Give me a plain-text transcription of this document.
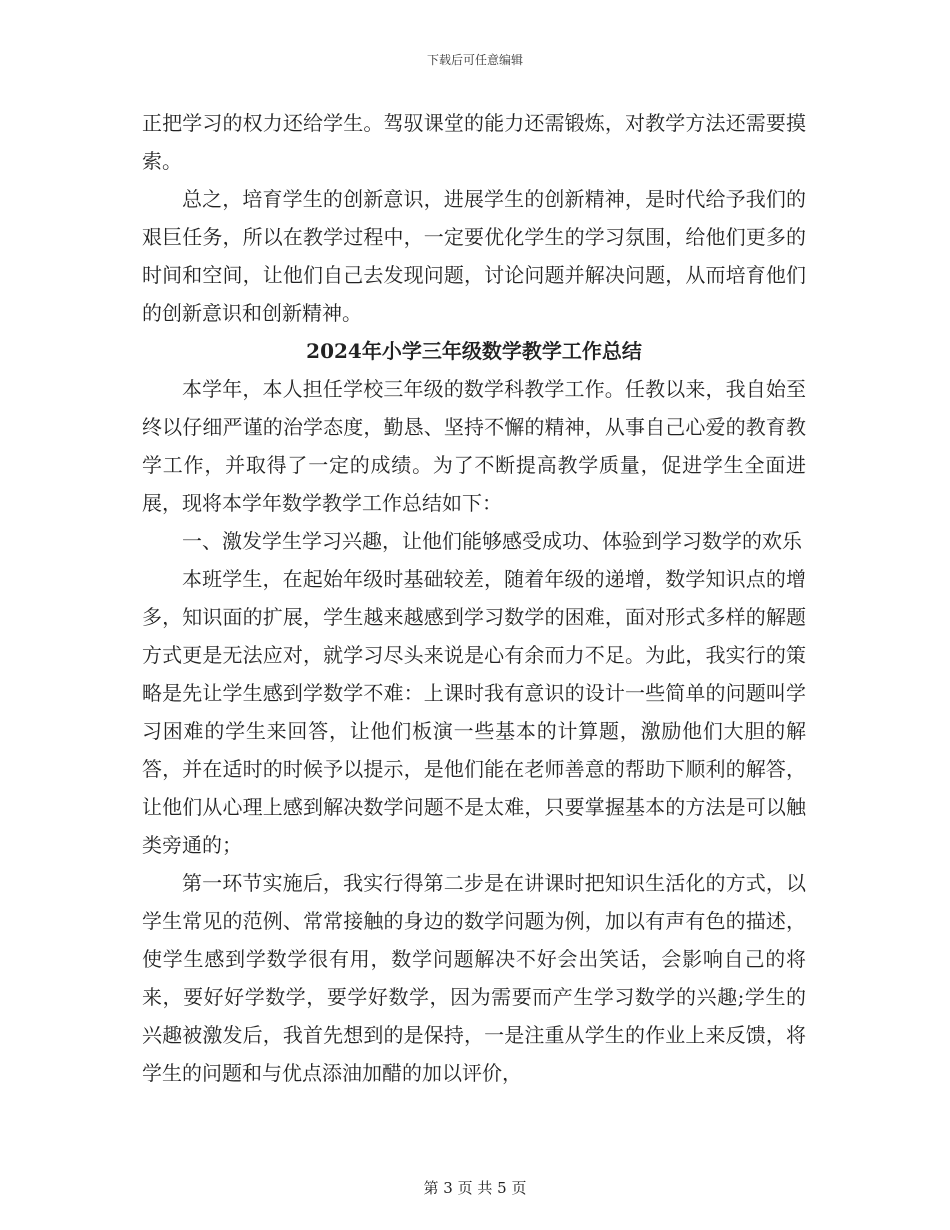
下载后可任意编辑

正把学习的权力还给学生。驾驭课堂的能力还需锻炼，对教学方法还需要摸索。

总之，培育学生的创新意识，进展学生的创新精神，是时代给予我们的艰巨任务，所以在教学过程中，一定要优化学生的学习氛围，给他们更多的时间和空间，让他们自己去发现问题，讨论问题并解决问题，从而培育他们的创新意识和创新精神。

2024年小学三年级数学教学工作总结

本学年，本人担任学校三年级的数学科教学工作。任教以来，我自始至终以仔细严谨的治学态度，勤恳、坚持不懈的精神，从事自己心爱的教育教学工作，并取得了一定的成绩。为了不断提高教学质量，促进学生全面进展，现将本学年数学教学工作总结如下：

一、激发学生学习兴趣，让他们能够感受成功、体验到学习数学的欢乐

本班学生，在起始年级时基础较差，随着年级的递增，数学知识点的增多，知识面的扩展，学生越来越感到学习数学的困难，面对形式多样的解题方式更是无法应对，就学习尽头来说是心有余而力不足。为此，我实行的策略是先让学生感到学数学不难：上课时我有意识的设计一些简单的问题叫学习困难的学生来回答，让他们板演一些基本的计算题，激励他们大胆的解答，并在适时的时候予以提示，是他们能在老师善意的帮助下顺利的解答，让他们从心理上感到解决数学问题不是太难，只要掌握基本的方法是可以触类旁通的；

第一环节实施后，我实行得第二步是在讲课时把知识生活化的方式，以学生常见的范例、常常接触的身边的数学问题为例，加以有声有色的描述，使学生感到学数学很有用，数学问题解决不好会出笑话，会影响自己的将来，要好好学数学，要学好数学，因为需要而产生学习数学的兴趣;学生的兴趣被激发后，我首先想到的是保持，一是注重从学生的作业上来反馈，将学生的问题和与优点添油加醋的加以评价，

第 3 页 共 5 页
